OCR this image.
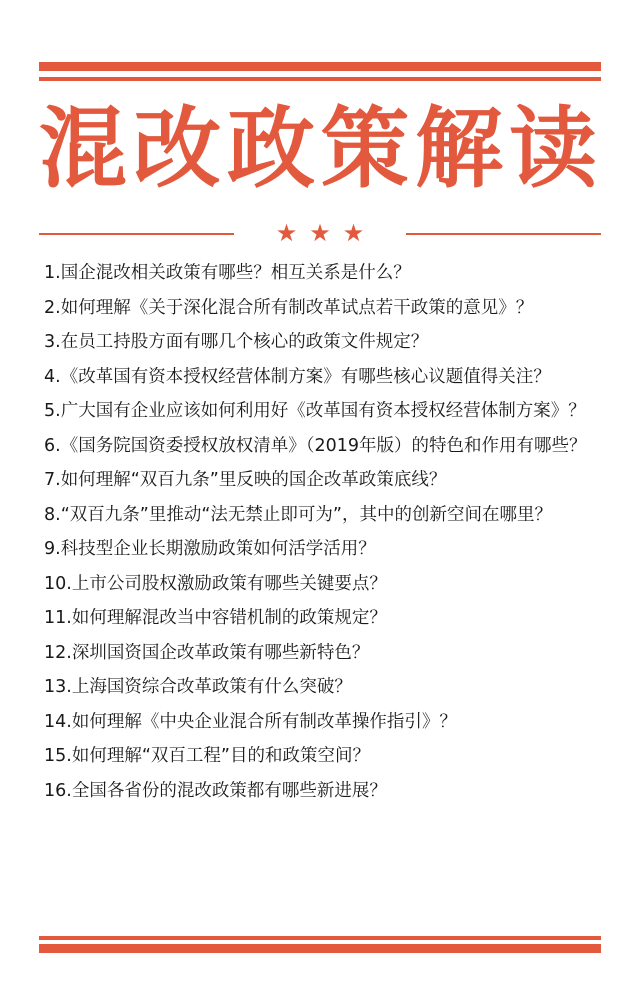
混改政策解读
★★★
1.国企混改相关政策有哪些？相互关系是什么？
2.如何理解《关于深化混合所有制改革试点若干政策的意见》？
3.在员工持股方面有哪几个核心的政策文件规定？
4.《改革国有资本授权经营体制方案》有哪些核心议题值得关注？
5.广大国有企业应该如何利用好《改革国有资本授权经营体制方案》？
6.《国务院国资委授权放权清单》（2019年版）的特色和作用有哪些？
7.如何理解“双百九条”里反映的国企改革政策底线？
8.“双百九条”里推动“法无禁止即可为”，其中的创新空间在哪里？
9.科技型企业长期激励政策如何活学活用？
10.上市公司股权激励政策有哪些关键要点？
11.如何理解混改当中容错机制的政策规定？
12.深圳国资国企改革政策有哪些新特色？
13.上海国资综合改革政策有什么突破？
14.如何理解《中央企业混合所有制改革操作指引》？
15.如何理解“双百工程”目的和政策空间？
16.全国各省份的混改政策都有哪些新进展？
